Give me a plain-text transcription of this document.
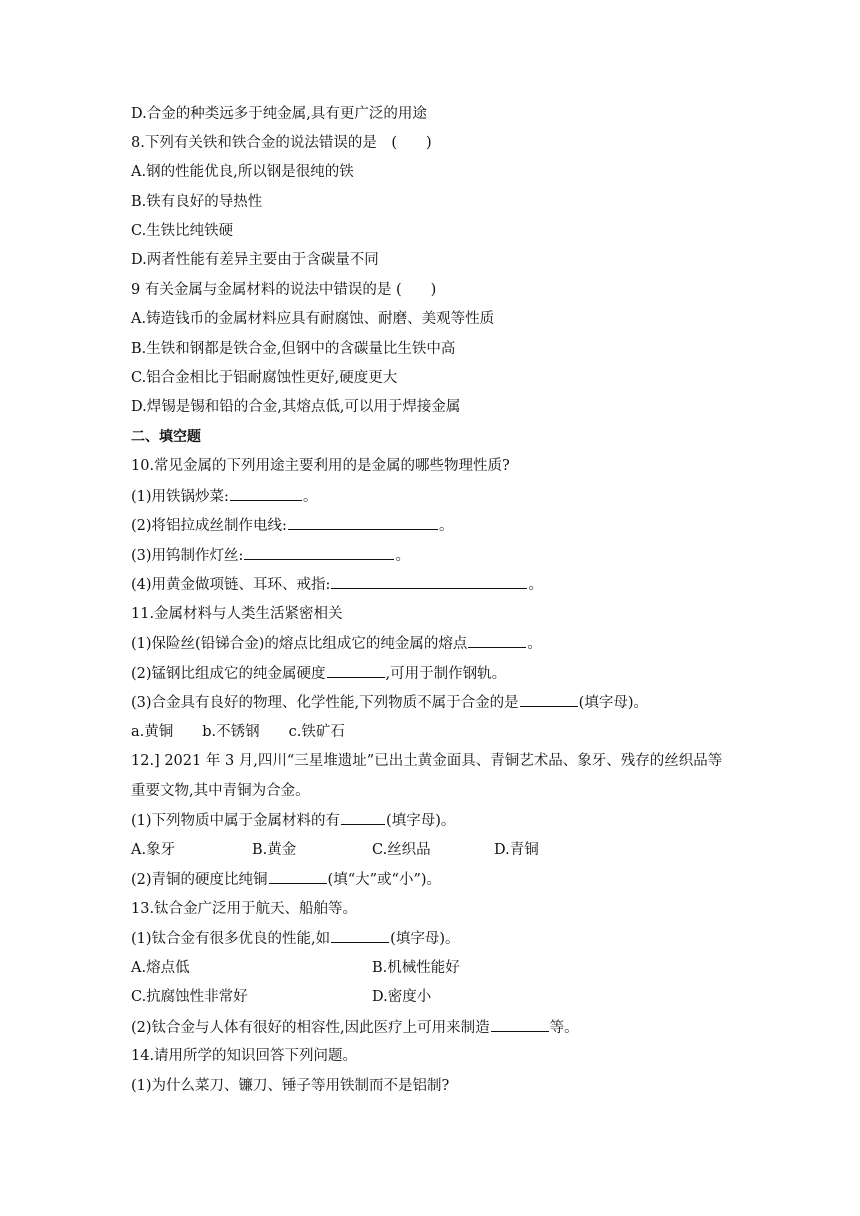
D.合金的种类远多于纯金属,具有更广泛的用途
8.下列有关铁和铁合金的说法错误的是　(　　)
A.钢的性能优良,所以钢是很纯的铁
B.铁有良好的导热性
C.生铁比纯铁硬
D.两者性能有差异主要由于含碳量不同
9 有关金属与金属材料的说法中错误的是 (　　)
A.铸造钱币的金属材料应具有耐腐蚀、耐磨、美观等性质
B.生铁和钢都是铁合金,但钢中的含碳量比生铁中高
C.铝合金相比于铝耐腐蚀性更好,硬度更大
D.焊锡是锡和铅的合金,其熔点低,可以用于焊接金属
二、填空题
10.常见金属的下列用途主要利用的是金属的哪些物理性质?
(1)用铁锅炒菜:	。
(2)将铝拉成丝制作电线:	。
(3)用钨制作灯丝:	。
(4)用黄金做项链、耳环、戒指:	。
11.金属材料与人类生活紧密相关
(1)保险丝(铅锑合金)的熔点比组成它的纯金属的熔点	。
(2)锰钢比组成它的纯金属硬度	,可用于制作钢轨。
(3)合金具有良好的物理、化学性能,下列物质不属于合金的是	(填字母)。
a.黄铜　　b.不锈钢　　c.铁矿石
12.] 2021 年 3 月,四川“三星堆遗址”已出土黄金面具、青铜艺术品、象牙、残存的丝织品等
重要文物,其中青铜为合金。
(1)下列物质中属于金属材料的有	(填字母)。
A.象牙	B.黄金	C.丝织品	D.青铜
(2)青铜的硬度比纯铜	(填“大”或“小”)。
13.钛合金广泛用于航天、船舶等。
(1)钛合金有很多优良的性能,如	(填字母)。
A.熔点低	B.机械性能好
C.抗腐蚀性非常好	D.密度小
(2)钛合金与人体有很好的相容性,因此医疗上可用来制造	等。
14.请用所学的知识回答下列问题。
(1)为什么菜刀、镰刀、锤子等用铁制而不是铝制?
